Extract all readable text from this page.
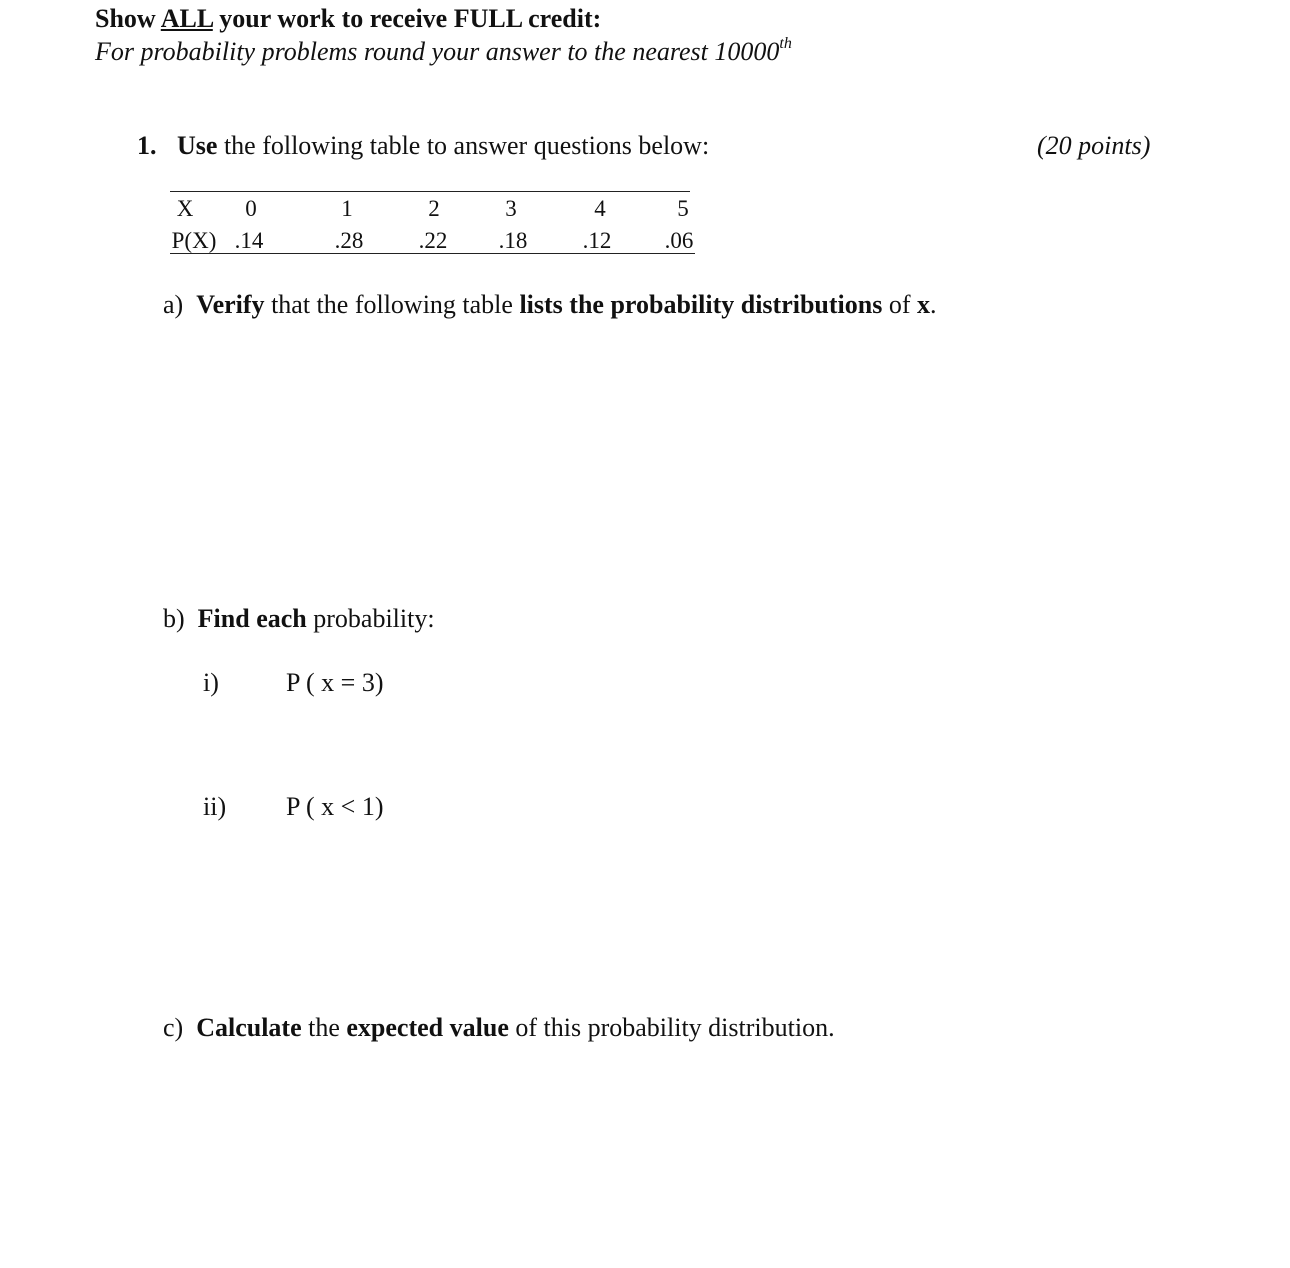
Show ALL your work to receive FULL credit:
For probability problems round your answer to the nearest 10000th
1. Use the following table to answer questions below:	(20 points)
X 0	1	2	3	4	5
P(X) .14	.28 .22 .18 .12 .06
a) Verify that the following table lists the probability distributions of x.
b) Find each probability:
i)	P ( x = 3)
ii) P ( x < 1)
c) Calculate the expected value of this probability distribution.
